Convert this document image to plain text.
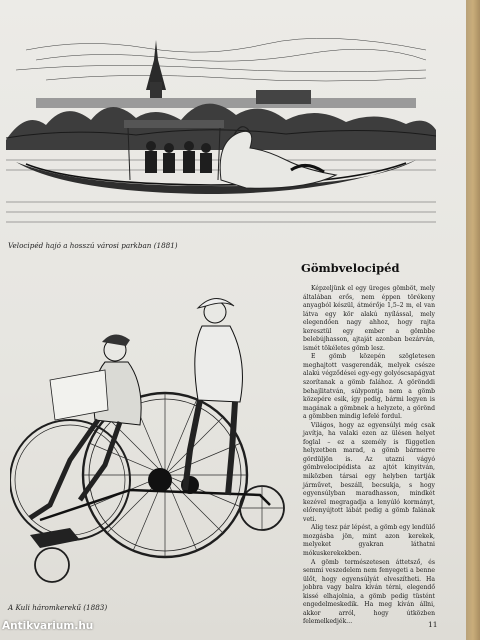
Velocipéd hajó a hosszú városi parkban (1881)
Gömbvelocipéd

Képzeljünk el egy üreges gömböt, mely általában erős, nem éppen törékeny anyagból készül, átmérője 1,5–2 m, el van látva egy kör alakú nyílással, mely elegendően nagy ahhoz, hogy rajta keresztül egy ember a gömbbe belebújhasson, ajtaját azonban bezárván, ismét tökéletes gömb lesz.

E gömb közepén szögletesen meghajtott vasgerendák, melyek csésze alakú végződései egy-egy golyóscsapágyat szorítanak a gömb falához. A görönddi behajlitatván, súlypontja nem a gömb közepére esik, így pedig, bármi legyen is magának a gömbnek a helyzete, a görönd a gömbben mindig lefelé fordul.

Világos, hogy az egyensúlyi még csak javítja, ha valaki ezen az ülésen helyet foglal – ez a személy is független helyzetben marad, a gömb bármerre gördüljön is. Az utazni vágyó gömbvelocipédista az ajtót kinyitván, miközben társai egy helyben tartják járművet, beszáll, becsukja, s hogy egyensúlyban maradhasson, mindkét kezével megragadja a lenyúló kormányt, előrenyújtott lábát pedig a gömb falának veti.

Alig tesz pár lépést, a gömb egy lendülő mozgásba jön, mint azon kerekek, melyeket gyakran láthatni mókuskerekekben.

A gömb természetesen áttetsző, és semmi veszedelem nem fenyegeti a benne ülőt, hogy egyensúlyát elveszítheti. Ha jobbra vagy balra kíván térni, elegendő kissé elhajolnia, a gömb pedig tüstént engedelmeskedik. Ha meg kíván állni, akkor arról, hogy útközben felemelkedjék…

A Kuli háromkerekű (1883)
11
Antikvarium.hu
